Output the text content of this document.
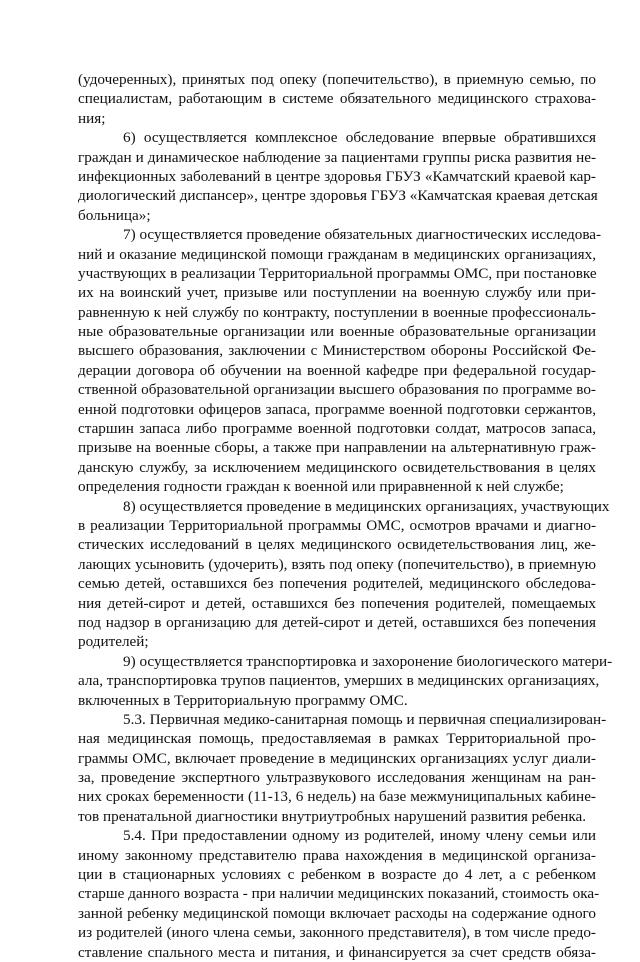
(удочеренных), принятых под опеку (попечительство), в приемную семью, по
специалистам, работающим в системе обязательного медицинского страхова-
ния;
6) осуществляется комплексное обследование впервые обратившихся
граждан и динамическое наблюдение за пациентами группы риска развития не-
инфекционных заболеваний в центре здоровья ГБУЗ «Камчатский краевой кар-
диологический диспансер», центре здоровья ГБУЗ «Камчатская краевая детская
больница»;
7) осуществляется проведение обязательных диагностических исследова-
ний и оказание медицинской помощи гражданам в медицинских организациях,
участвующих в реализации Территориальной программы ОМС, при постановке
их на воинский учет, призыве или поступлении на военную службу или при-
равненную к ней службу по контракту, поступлении в военные профессиональ-
ные образовательные организации или военные образовательные организации
высшего образования, заключении с Министерством обороны Российской Фе-
дерации договора об обучении на военной кафедре при федеральной государ-
ственной образовательной организации высшего образования по программе во-
енной подготовки офицеров запаса, программе военной подготовки сержантов,
старшин запаса либо программе военной подготовки солдат, матросов запаса,
призыве на военные сборы, а также при направлении на альтернативную граж-
данскую службу, за исключением медицинского освидетельствования в целях
определения годности граждан к военной или приравненной к ней службе;
8) осуществляется проведение в медицинских организациях, участвующих
в реализации Территориальной программы ОМС, осмотров врачами и диагно-
стических исследований в целях медицинского освидетельствования лиц, же-
лающих усыновить (удочерить), взять под опеку (попечительство), в приемную
семью детей, оставшихся без попечения родителей, медицинского обследова-
ния детей-сирот и детей, оставшихся без попечения родителей, помещаемых
под надзор в организацию для детей-сирот и детей, оставшихся без попечения
родителей;
9) осуществляется транспортировка и захоронение биологического матери-
ала, транспортировка трупов пациентов, умерших в медицинских организациях,
включенных в Территориальную программу ОМС.
5.3. Первичная медико-санитарная помощь и первичная специализирован-
ная медицинская помощь, предоставляемая в рамках Территориальной про-
граммы ОМС, включает проведение в медицинских организациях услуг диали-
за, проведение экспертного ультразвукового исследования женщинам на ран-
них сроках беременности (11-13, 6 недель) на базе межмуниципальных кабине-
тов пренатальной диагностики внутриутробных нарушений развития ребенка.
5.4. При предоставлении одному из родителей, иному члену семьи или
иному законному представителю права нахождения в медицинской организа-
ции в стационарных условиях с ребенком в возрасте до 4 лет, а с ребенком
старше данного возраста - при наличии медицинских показаний, стоимость ока-
занной ребенку медицинской помощи включает расходы на содержание одного
из родителей (иного члена семьи, законного представителя), в том числе предо-
ставление спального места и питания, и финансируется за счет средств обяза-
